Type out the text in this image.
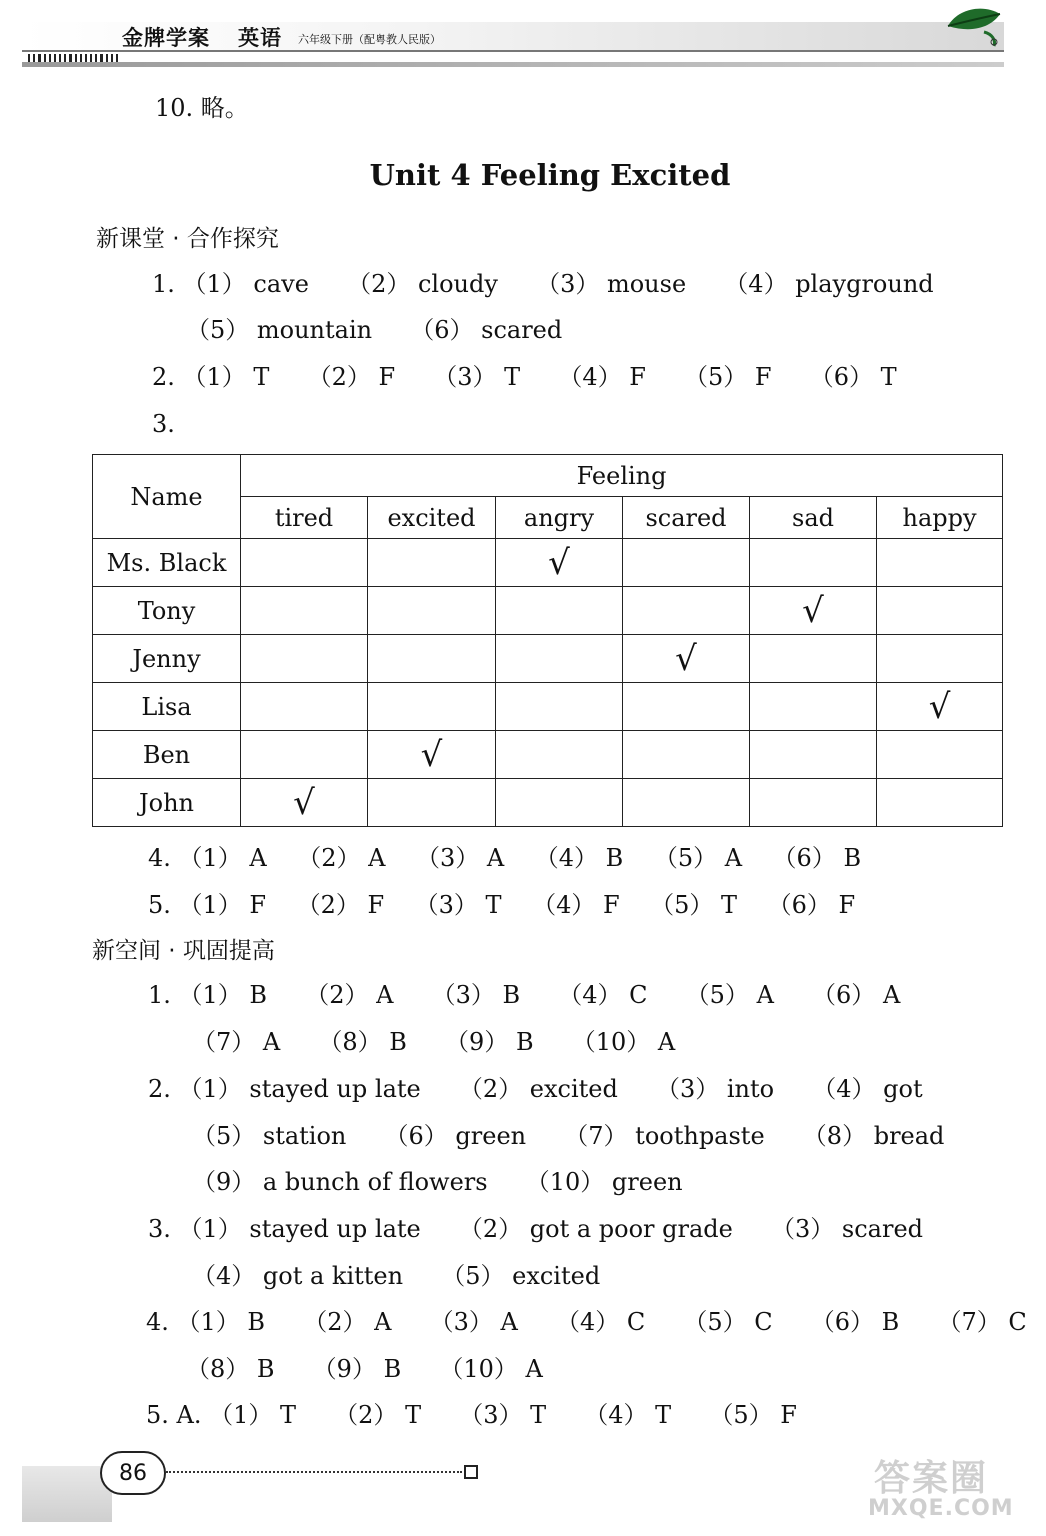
金牌学案 英语 六年级下册（配粤教人民版）
10. 略。
Unit 4 Feeling Excited
新课堂 · 合作探究
1. （1） cave     （2） cloudy     （3） mouse     （4） playground
（5） mountain     （6） scared
2. （1） T     （2） F     （3） T     （4） F     （5） F     （6） T
3.
Name	Feeling					
	tired	excited	angry	scared	sad	happy
Ms. Black			√			
Tony					√	
Jenny				√		
Lisa						√
Ben		√				
John	√					
4. （1） A    （2） A    （3） A    （4） B    （5） A    （6） B
5. （1） F    （2） F    （3） T    （4） F    （5） T    （6） F
新空间 · 巩固提高
1. （1） B     （2） A     （3） B     （4） C     （5） A     （6） A
（7） A     （8） B     （9） B     （10） A
2. （1） stayed up late     （2） excited     （3） into     （4） got
（5） station     （6） green     （7） toothpaste     （8） bread
（9） a bunch of flowers     （10） green
3. （1） stayed up late     （2） got a poor grade     （3） scared
（4） got a kitten     （5） excited
4. （1） B     （2） A     （3） A     （4） C     （5） C     （6） B     （7） C
（8） B     （9） B     （10） A
5. A. （1） T     （2） T     （3） T     （4） T     （5） F
86	答案圈
MXQE.COM
